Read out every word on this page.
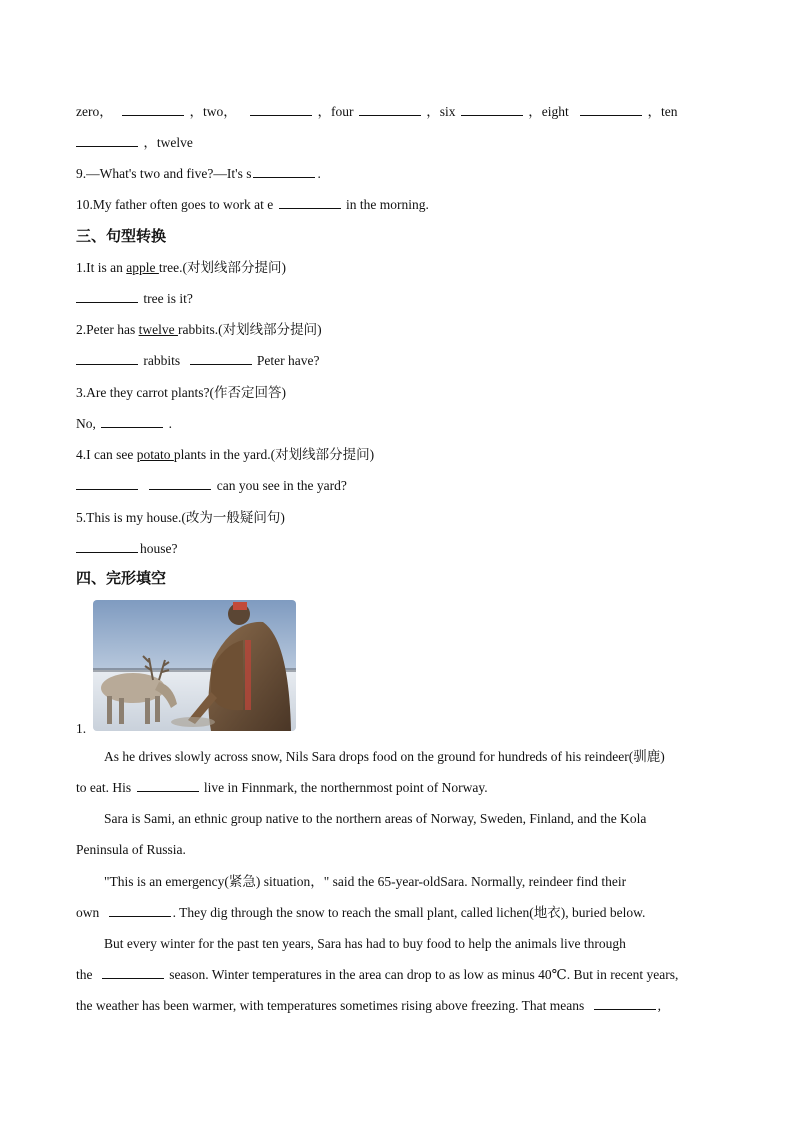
zero，	，two，	，four	，six	，eight	，ten
，twelve
9.—What's two and five?—It's s	.
10.My father often goes to work at e	in the morning.
三、句型转换
1.It is an apple tree.(对划线部分提问)
tree is it?
2.Peter has twelve rabbits.(对划线部分提问)
rabbits	Peter have?
3.Are they carrot plants?(作否定回答)
No,	.
4.I can see potato plants in the yard.(对划线部分提问)
can you see in the yard?
5.This is my house.(改为一般疑问句)
house?
四、完形填空
1.
As he drives slowly across snow, Nils Sara drops food on the ground for hundreds of his reindeer(驯鹿)
to eat. His	live in Finnmark, the northernmost point of Norway.
Sara is Sami, an ethnic group native to the northern areas of Norway, Sweden, Finland, and the Kola
Peninsula of Russia.
"This is an emergency(紧急) situation，" said the 65-year-oldSara. Normally, reindeer find their
own	. They dig through the snow to reach the small plant, called lichen(地衣), buried below.
But every winter for the past ten years, Sara has had to buy food to help the animals live through
the	season. Winter temperatures in the area can drop to as low as minus 40℃. But in recent years,
the weather has been warmer, with temperatures sometimes rising above freezing. That means	,
